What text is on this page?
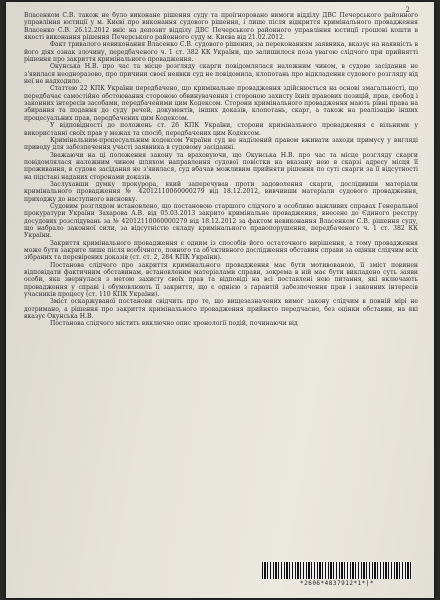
2

Власенком С.В. також не було виконане рішення суду та проігноровано вимоги відділу ДВС Печерського районного управління юстиції у м. Києві про виконання судового рішення, і лише після відкриття кримінального провадження Власенко С.В. 26.12.2012 вніс на депозит відділу ДВС Печерського районного управління юстиції грошові кошти в якості виконання рішення Печерського районного суду м. Києва від 21.02.2012.

Факт тривалого невиконання Власенко С.В. судового рішення, за переконанням заявника, вказує на наявність в його діях ознак злочину, передбаченого ч. 1 ст. 382 КК України, що залишилося поза увагою слідчого при прийнятті рішення про закриття кримінального провадження.

Окунська Н.В. про час та місце розгляду скарги повідомлялася належним чином, в судове засідання не з'явилася неодноразово, про причини своєї неявки суд не повідомила, клопотань про відкладення судового розгляду від неї не надходило.

Статтею 22 КПК України передбачено, що кримінальне провадження здійснюється на основі змагальності, що передбачає самостійне обстоювання стороною обвинувачення і стороною захисту їхніх правових позицій, прав, свобод і законних інтересів засобами, передбаченими цим Кодексом. Сторони кримінального провадження мають рівні права на збирання та подання до суду речей, документів, інших доказів, клопотань, скарг, а також на реалізацію інших процесуальних прав, передбачених цим Кодексом.

У відповідності до положень ст. 26 КПК України, сторони кримінального провадження є вільними у використанні своїх прав у межах та спосіб, передбачених цим Кодексом.

Кримінальним-процесуальним кодексом України суд не наділений правом вживати заходи примусу у вигляді приводу для забезпечення участі заявника в судовому засіданні.

Зважаючи на ці положення закону та враховуючи, що Окунська Н.В. про час та місце розгляду скарги повідомлялася належним чином шляхом направлення судової повістки на вказану нею в скарзі адресу місця її проживання, в судове засідання не з'явилася, суд вбачав можливим прийняти рішення по суті скарги за її відсутності на підставі наданих сторонами доказів.

Заслухавши думку прокурора, який заперечував проти задоволення скарги, дослідивши матеріали кримінального провадження № 42012110060000279 від 18.12.2012, вивчивши матеріали судового провадження, приходжу до наступного висновку.

Судовим розглядом встановлено, що постановою старшого слідчого в особливо важливих справах Генеральної прокуратури України Захарова А.В. від 05.03.2013 закрито кримінальне провадження, внесене до Єдиного реєстру досудових розслідувань за № 42012110060000279 від 18.12.2012 за фактом невиконання Власенком С.В. рішення суду, що набрало законної сили, за відсутністю складу кримінального правопорушення, передбаченого ч. 1 ст. 382 КК України.

Закриття кримінального провадження є одним із способів його остаточного вирішення, а тому провадження може бути закрите лише після всебічного, повного та об'єктивного дослідження обставин справи за оцінки слідчим всіх зібраних та перевірених доказів (ст. ст. 2, 284 КПК України).

Постанова слідчого про закриття кримінального провадження має бути мотивованою, її зміст повинен відповідати фактичним обставинам, встановленим матеріалами справи, зокрема в ній має бути викладено суть заяви особи, яка звернулася з метою захисту своїх прав та відповіді на всі поставлені нею питання, які включають провадження у справі і обумовлюють її закриття, що є однією з гарантій забезпечення прав і законних інтересів учасників процесу (ст. 110 КПК України).

Зміст оскаржуваної постанови свідчить про те, що вищезазначених вимог закону слідчим в повній мірі не дотримано, а рішення про закриття кримінального провадження прийнято передчасно, без оцінки обставин, на які вказує Окунська Н.В.

Постанова слідчого містить виключно опис хронології подій, починаючи від

*2606*4837912*1*|*
